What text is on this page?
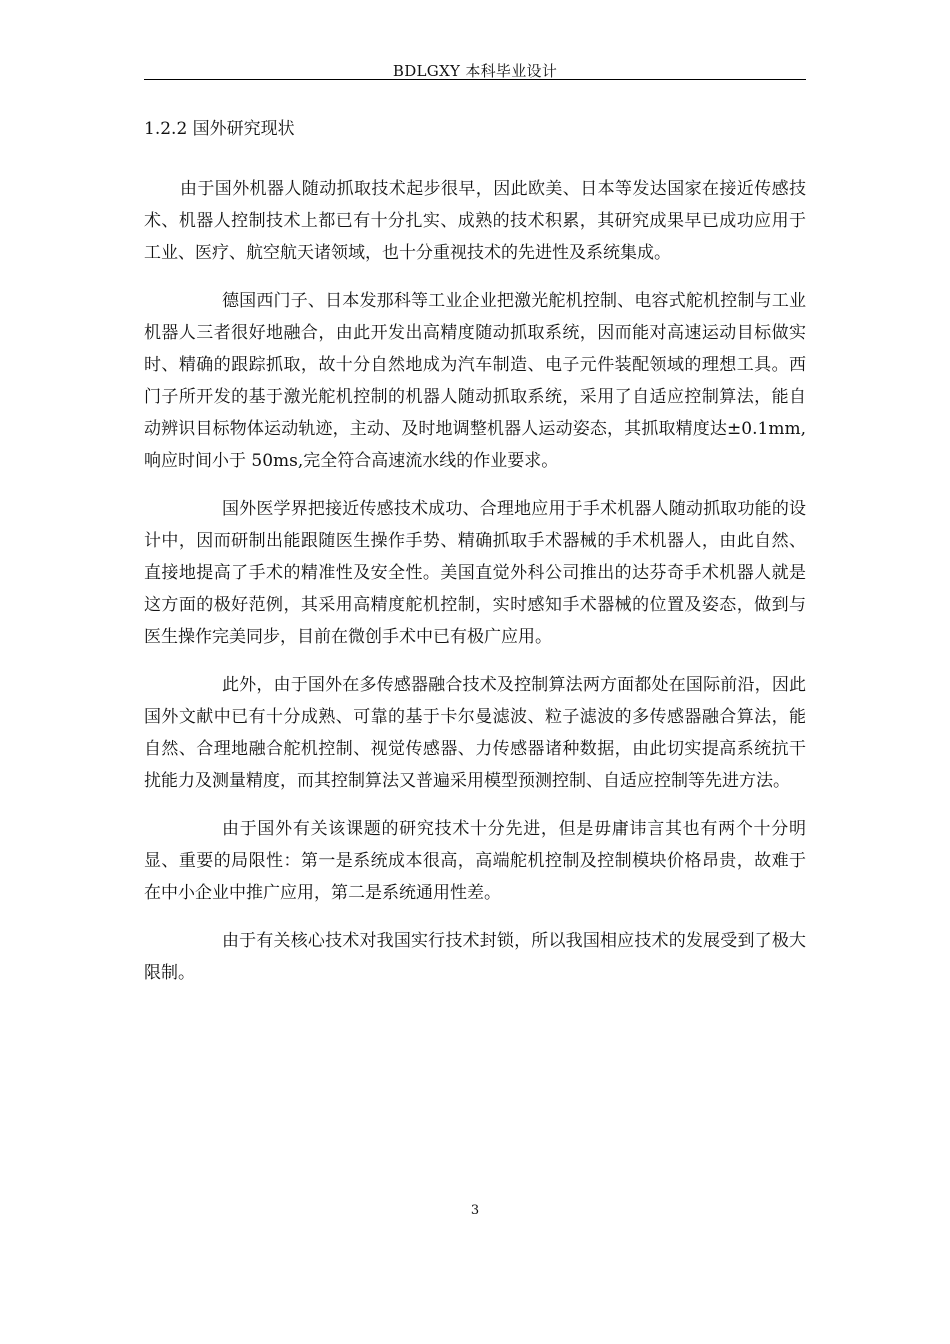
BDLGXY 本科毕业设计
1.2.2 国外研究现状

由于国外机器人随动抓取技术起步很早，因此欧美、日本等发达国家在接近传感技术、机器人控制技术上都已有十分扎实、成熟的技术积累，其研究成果早已成功应用于工业、医疗、航空航天诸领域，也十分重视技术的先进性及系统集成。

德国西门子、日本发那科等工业企业把激光舵机控制、电容式舵机控制与工业机器人三者很好地融合，由此开发出高精度随动抓取系统，因而能对高速运动目标做实时、精确的跟踪抓取，故十分自然地成为汽车制造、电子元件装配领域的理想工具。西门子所开发的基于激光舵机控制的机器人随动抓取系统，采用了自适应控制算法，能自动辨识目标物体运动轨迹，主动、及时地调整机器人运动姿态，其抓取精度达±0.1mm,响应时间小于 50ms,完全符合高速流水线的作业要求。

国外医学界把接近传感技术成功、合理地应用于手术机器人随动抓取功能的设计中，因而研制出能跟随医生操作手势、精确抓取手术器械的手术机器人，由此自然、直接地提高了手术的精准性及安全性。美国直觉外科公司推出的达芬奇手术机器人就是这方面的极好范例，其采用高精度舵机控制，实时感知手术器械的位置及姿态，做到与医生操作完美同步，目前在微创手术中已有极广应用。

此外，由于国外在多传感器融合技术及控制算法两方面都处在国际前沿，因此国外文献中已有十分成熟、可靠的基于卡尔曼滤波、粒子滤波的多传感器融合算法，能自然、合理地融合舵机控制、视觉传感器、力传感器诸种数据，由此切实提高系统抗干扰能力及测量精度，而其控制算法又普遍采用模型预测控制、自适应控制等先进方法。

由于国外有关该课题的研究技术十分先进，但是毋庸讳言其也有两个十分明显、重要的局限性：第一是系统成本很高，高端舵机控制及控制模块价格昂贵，故难于在中小企业中推广应用，第二是系统通用性差。

由于有关核心技术对我国实行技术封锁，所以我国相应技术的发展受到了极大限制。

3
